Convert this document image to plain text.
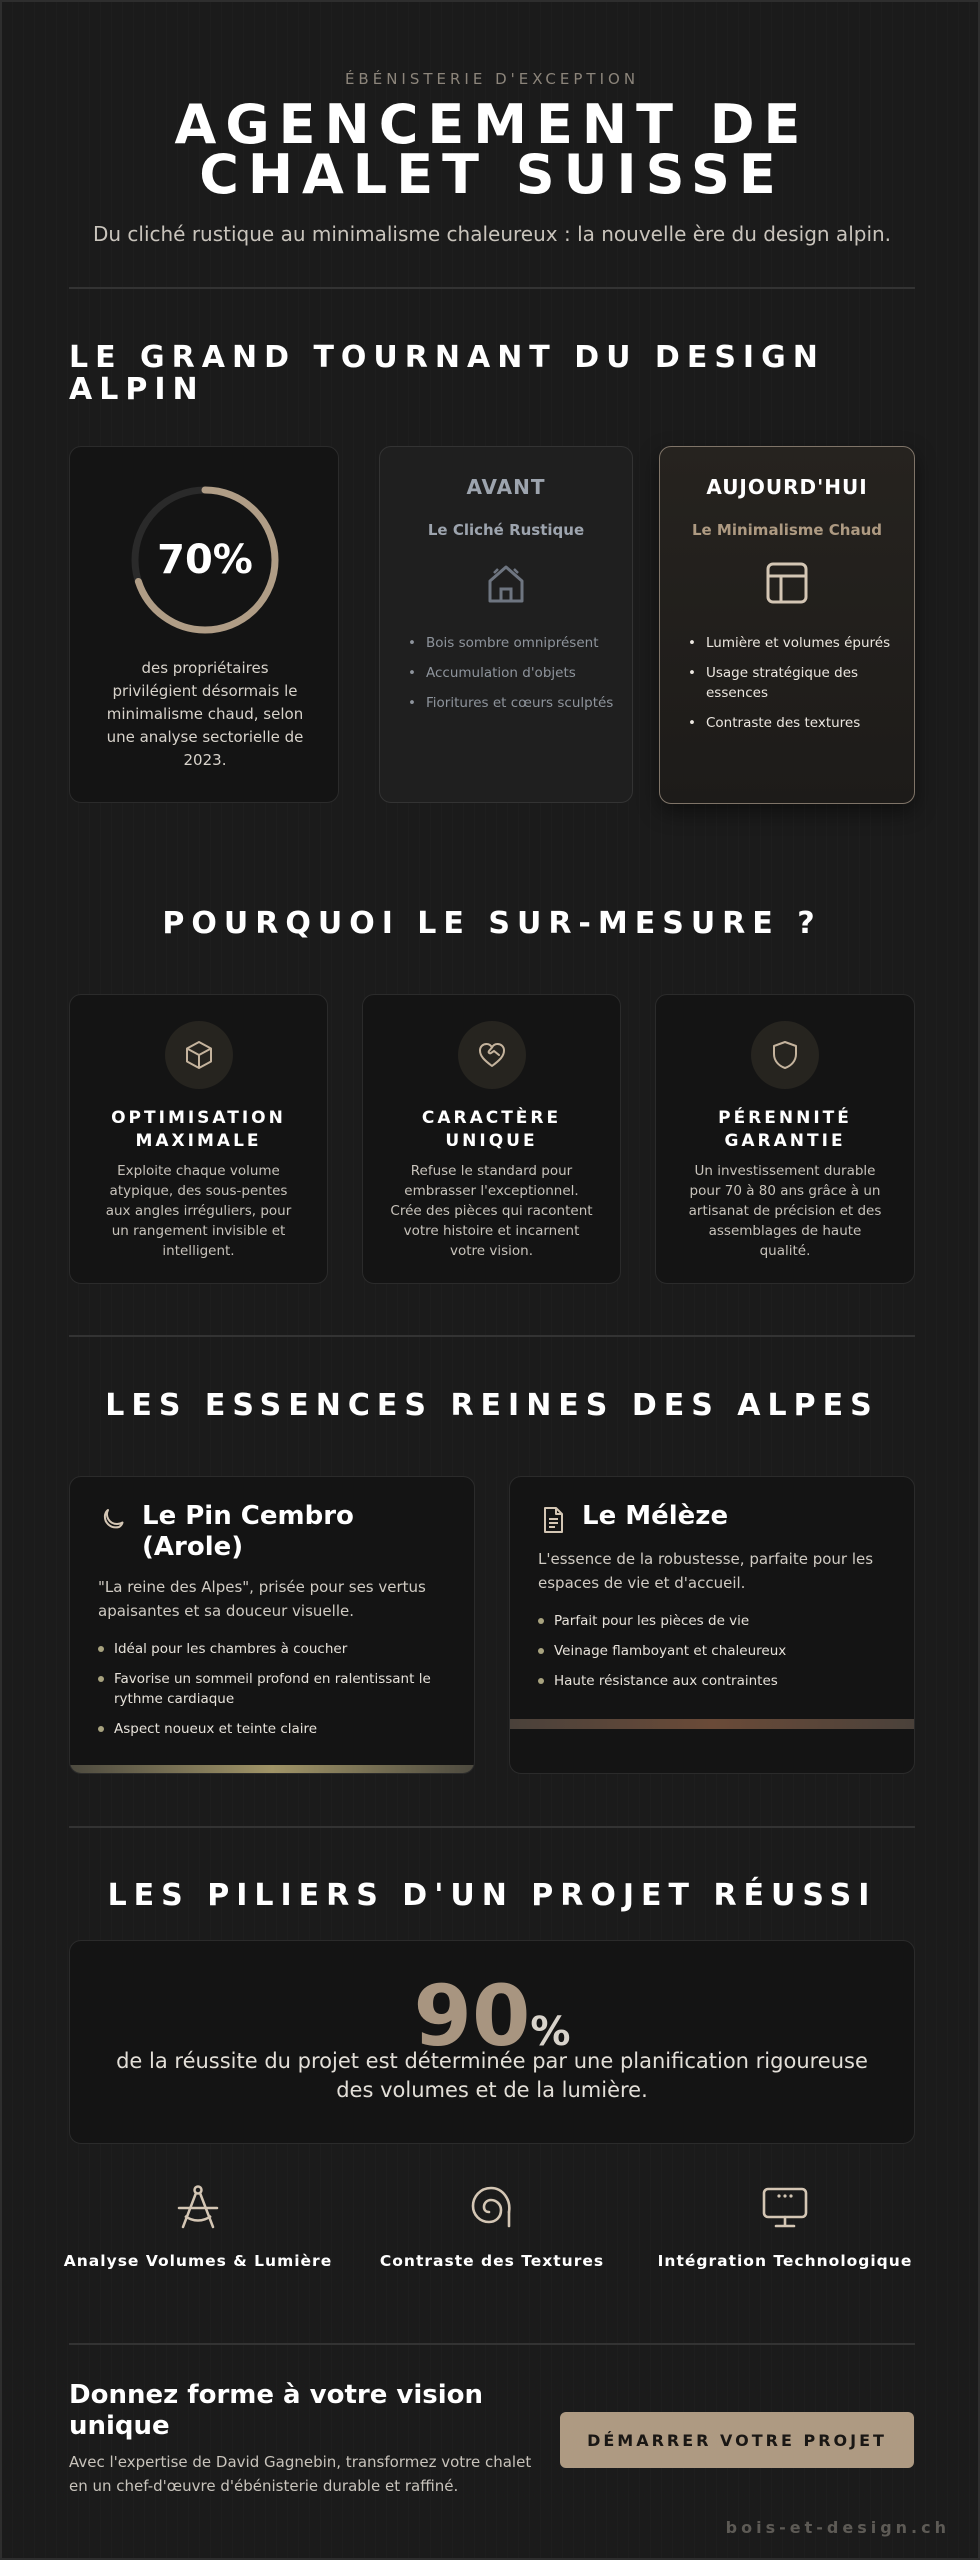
ÉBÉNISTERIE D'EXCEPTION
AGENCEMENT DE
CHALET SUISSE
Du cliché rustique au minimalisme chaleureux : la nouvelle ère du design alpin.
LE GRAND TOURNANT DU DESIGN
ALPIN
70%
des propriétaires privilégient désormais le minimalisme chaud, selon une analyse sectorielle de 2023.
AVANT
Le Cliché Rustique
• Bois sombre omniprésent
• Accumulation d'objets
• Fioritures et cœurs sculptés
AUJOURD'HUI
Le Minimalisme Chaud
• Lumière et volumes épurés
• Usage stratégique des essences
• Contraste des textures
POURQUOI LE SUR-MESURE ?
OPTIMISATION MAXIMALE
Exploite chaque volume atypique, des sous-pentes aux angles irréguliers, pour un rangement invisible et intelligent.
CARACTÈRE UNIQUE
Refuse le standard pour embrasser l'exceptionnel. Crée des pièces qui racontent votre histoire et incarnent votre vision.
PÉRENNITÉ GARANTIE
Un investissement durable pour 70 à 80 ans grâce à un artisanat de précision et des assemblages de haute qualité.
LES ESSENCES REINES DES ALPES
Le Pin Cembro (Arole)
"La reine des Alpes", prisée pour ses vertus apaisantes et sa douceur visuelle.
Idéal pour les chambres à coucher
Favorise un sommeil profond en ralentissant le rythme cardiaque
Aspect noueux et teinte claire
Le Mélèze
L'essence de la robustesse, parfaite pour les espaces de vie et d'accueil.
Parfait pour les pièces de vie
Veinage flamboyant et chaleureux
Haute résistance aux contraintes
LES PILIERS D'UN PROJET RÉUSSI
90%
de la réussite du projet est déterminée par une planification rigoureuse des volumes et de la lumière.
Analyse Volumes & Lumière	Contraste des Textures	Intégration Technologique
Donnez forme à votre vision unique
Avec l'expertise de David Gagnebin, transformez votre chalet en un chef-d'œuvre d'ébénisterie durable et raffiné.
DÉMARRER VOTRE PROJET
bois-et-design.ch
